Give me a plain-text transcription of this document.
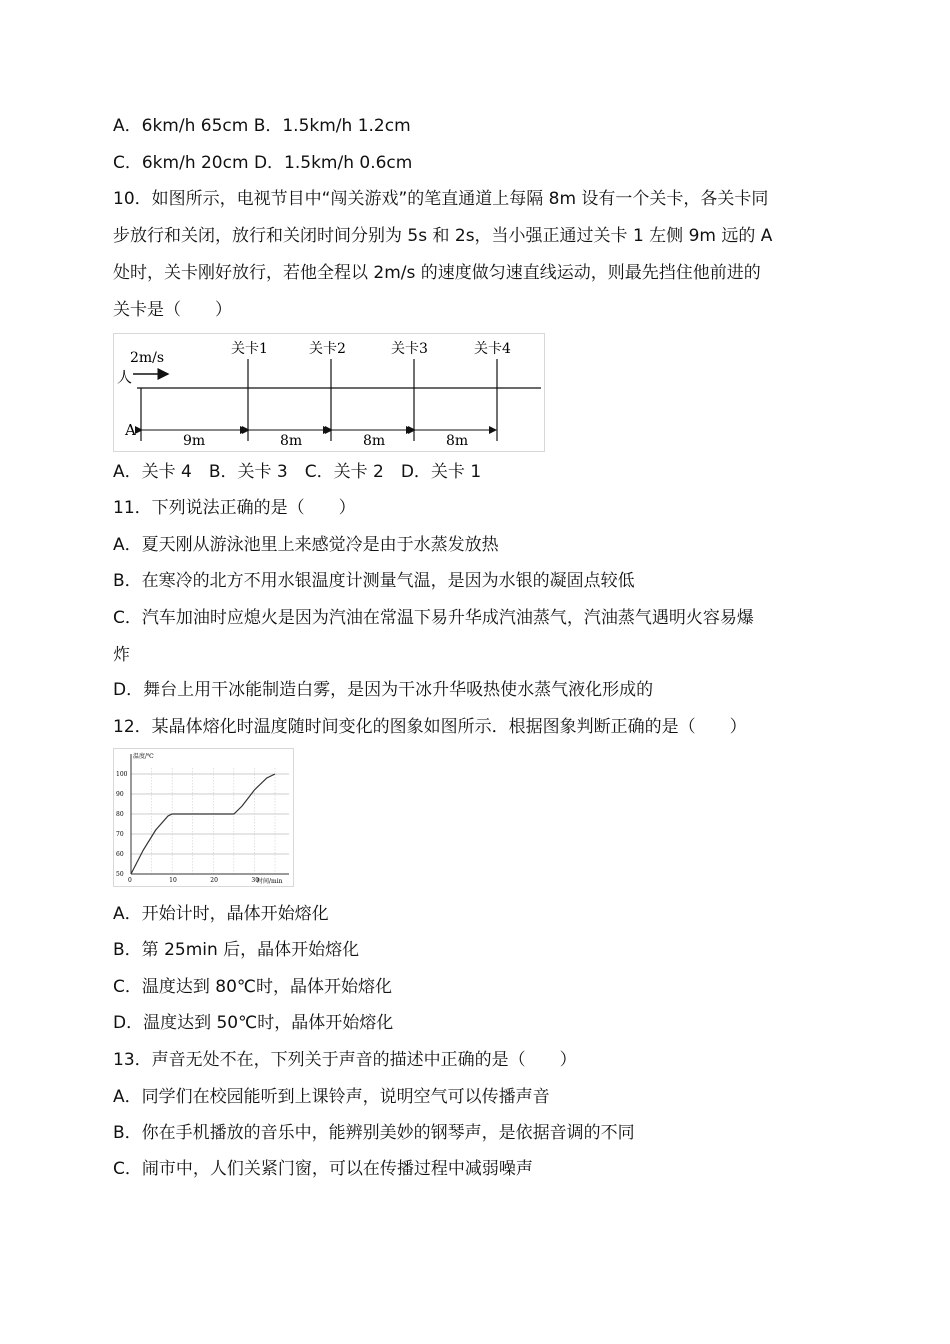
A．6km/h 65cm B．1.5km/h 1.2cm
C．6km/h 20cm D．1.5km/h 0.6cm
10．如图所示，电视节目中“闯关游戏”的笔直通道上每隔 8m 设有一个关卡，各关卡同
步放行和关闭，放行和关闭时间分别为 5s 和 2s，当小强正通过关卡 1 左侧 9m 远的 A
处时，关卡刚好放行，若他全程以 2m/s 的速度做匀速直线运动，则最先挡住他前进的
关卡是（　　）
2m/s
人
A
关卡1	关卡2	关卡3	关卡4
9m	8m	8m	8m
A．关卡 4　B．关卡 3　C．关卡 2　D．关卡 1
11．下列说法正确的是（　　）
A．夏天刚从游泳池里上来感觉冷是由于水蒸发放热
B．在寒冷的北方不用水银温度计测量气温，是因为水银的凝固点较低
C．汽车加油时应熄火是因为汽油在常温下易升华成汽油蒸气，汽油蒸气遇明火容易爆
炸
D．舞台上用干冰能制造白雾，是因为干冰升华吸热使水蒸气液化形成的
12．某晶体熔化时温度随时间变化的图象如图所示．根据图象判断正确的是（　　）
温度/℃
时间/min
50
60
70
80
90
100
0	10	20	30
A．开始计时，晶体开始熔化
B．第 25min 后，晶体开始熔化
C．温度达到 80℃时，晶体开始熔化
D．温度达到 50℃时，晶体开始熔化
13．声音无处不在，下列关于声音的描述中正确的是（　　）
A．同学们在校园能听到上课铃声，说明空气可以传播声音
B．你在手机播放的音乐中，能辨别美妙的钢琴声，是依据音调的不同
C．闹市中，人们关紧门窗，可以在传播过程中减弱噪声
